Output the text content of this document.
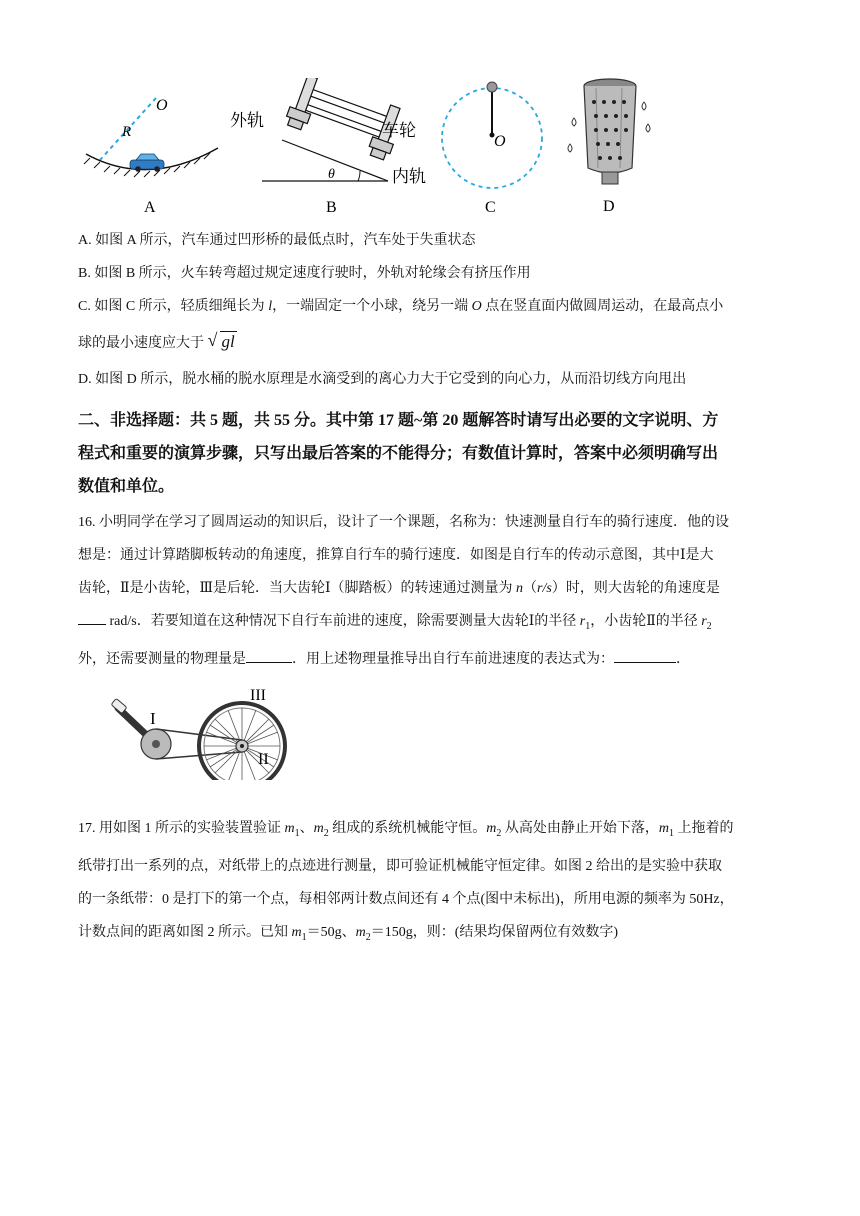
O
R
A
外轨
车轮
内轨
θ
B
O
C	D

A. 如图 A 所示，汽车通过凹形桥的最低点时，汽车处于失重状态

B. 如图 B 所示，火车转弯超过规定速度行驶时，外轨对轮缘会有挤压作用

C. 如图 C 所示，轻质细绳长为 l，一端固定一个小球，绕另一端 O 点在竖直面内做圆周运动，在最高点小

球的最小速度应大于 √ gl

D. 如图 D 所示，脱水桶的脱水原理是水滴受到的离心力大于它受到的向心力，从而沿切线方向甩出

二、非选择题：共 5 题，共 55 分。其中第 17 题~第 20 题解答时请写出必要的文字说明、方

程式和重要的演算步骤，只写出最后答案的不能得分；有数值计算时，答案中必须明确写出

数值和单位。

16. 小明同学在学习了圆周运动的知识后，设计了一个课题，名称为：快速测量自行车的骑行速度．他的设

想是：通过计算踏脚板转动的角速度，推算自行车的骑行速度．如图是自行车的传动示意图，其中Ⅰ是大

齿轮，Ⅱ是小齿轮，Ⅲ是后轮．当大齿轮Ⅰ（脚踏板）的转速通过测量为 n（r/s）时，则大齿轮的角速度是

rad/s．若要知道在这种情况下自行车前进的速度，除需要测量大齿轮Ⅰ的半径 $r_1$，小齿轮Ⅱ的半径 $r_2$

外，还需要测量的物理量是	．用上述物理量推导出自行车前进速度的表达式为：	．

I
II
III

17. 用如图 1 所示的实验装置验证 $m_1$、$m_2$ 组成的系统机械能守恒。$m_2$ 从高处由静止开始下落，$m_1$ 上拖着的

纸带打出一系列的点，对纸带上的点迹进行测量，即可验证机械能守恒定律。如图 2 给出的是实验中获取

的一条纸带：0 是打下的第一个点，每相邻两计数点间还有 4 个点(图中未标出)，所用电源的频率为 50Hz，

计数点间的距离如图 2 所示。已知 $m_1=50g$、$m_2=150g$，则：(结果均保留两位有效数字)
